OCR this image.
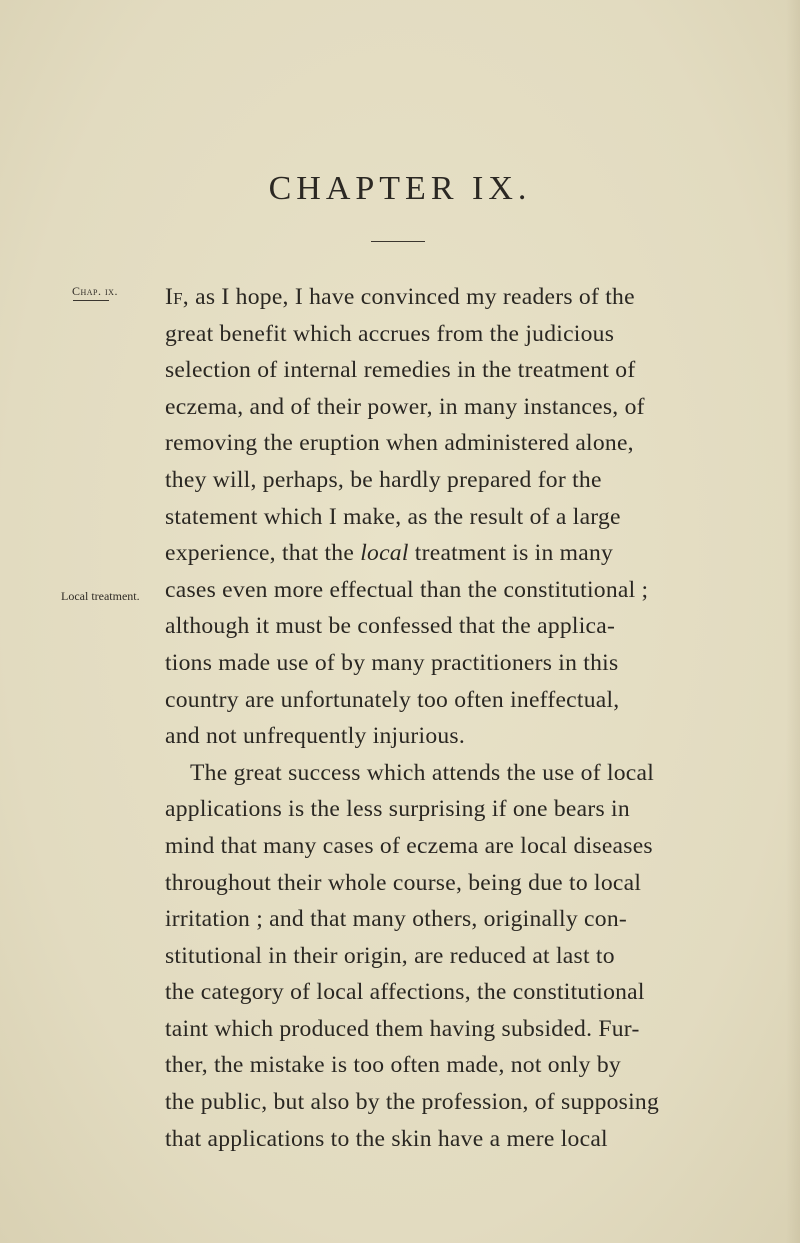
CHAPTER IX.
Chap. ix.
Local treatment.

If, as I hope, I have convinced my readers of the

great benefit which accrues from the judicious

selection of internal remedies in the treatment of

eczema, and of their power, in many instances, of

removing the eruption when administered alone,

they will, perhaps, be hardly prepared for the

statement which I make, as the result of a large

experience, that the local treatment is in many

cases even more effectual than the constitutional ;

although it must be confessed that the applica-

tions made use of by many practitioners in this

country are unfortunately too often ineffectual,

and not unfrequently injurious.

The great success which attends the use of local

applications is the less surprising if one bears in

mind that many cases of eczema are local diseases

throughout their whole course, being due to local

irritation ; and that many others, originally con-

stitutional in their origin, are reduced at last to

the category of local affections, the constitutional

taint which produced them having subsided. Fur-

ther, the mistake is too often made, not only by

the public, but also by the profession, of supposing

that applications to the skin have a mere local
